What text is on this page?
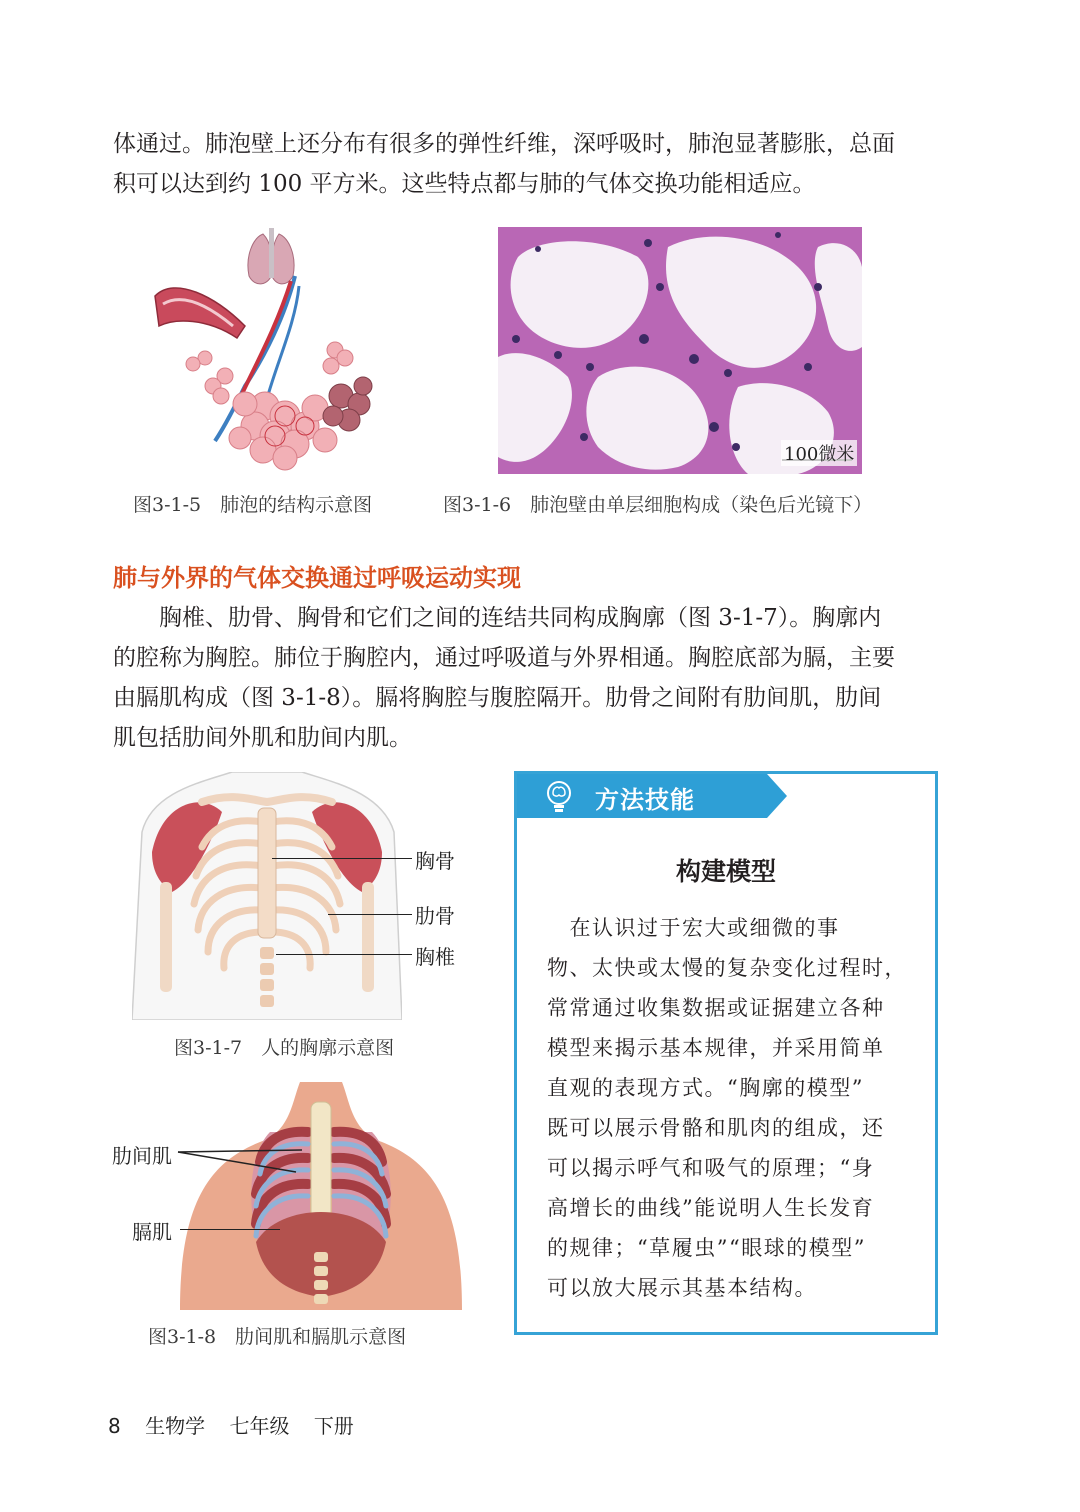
体通过。肺泡壁上还分布有很多的弹性纤维，深呼吸时，肺泡显著膨胀，总面

积可以达到约 100 平方米。这些特点都与肺的气体交换功能相适应。

图3-1-5　肺泡的结构示意图
100微米
图3-1-6　肺泡壁由单层细胞构成（染色后光镜下）
肺与外界的气体交换通过呼吸运动实现

　　胸椎、肋骨、胸骨和它们之间的连结共同构成胸廓（图 3-1-7）。胸廓内

的腔称为胸腔。肺位于胸腔内，通过呼吸道与外界相通。胸腔底部为膈，主要

由膈肌构成（图 3-1-8）。膈将胸腔与腹腔隔开。肋骨之间附有肋间肌，肋间

肌包括肋间外肌和肋间内肌。

胸骨
肋骨
胸椎
图3-1-7　人的胸廓示意图
肋间肌
膈肌
图3-1-8　肋间肌和膈肌示意图
方法技能
构建模型
　在认识过于宏大或细微的事
物、太快或太慢的复杂变化过程时，
常常通过收集数据或证据建立各种
模型来揭示基本规律，并采用简单
直观的表现方式。“胸廓的模型”
既可以展示骨骼和肌肉的组成，还
可以揭示呼气和吸气的原理；“身
高增长的曲线”能说明人生长发育
的规律；“草履虫”“眼球的模型”
可以放大展示其基本结构。
8 生物学 七年级 下册
